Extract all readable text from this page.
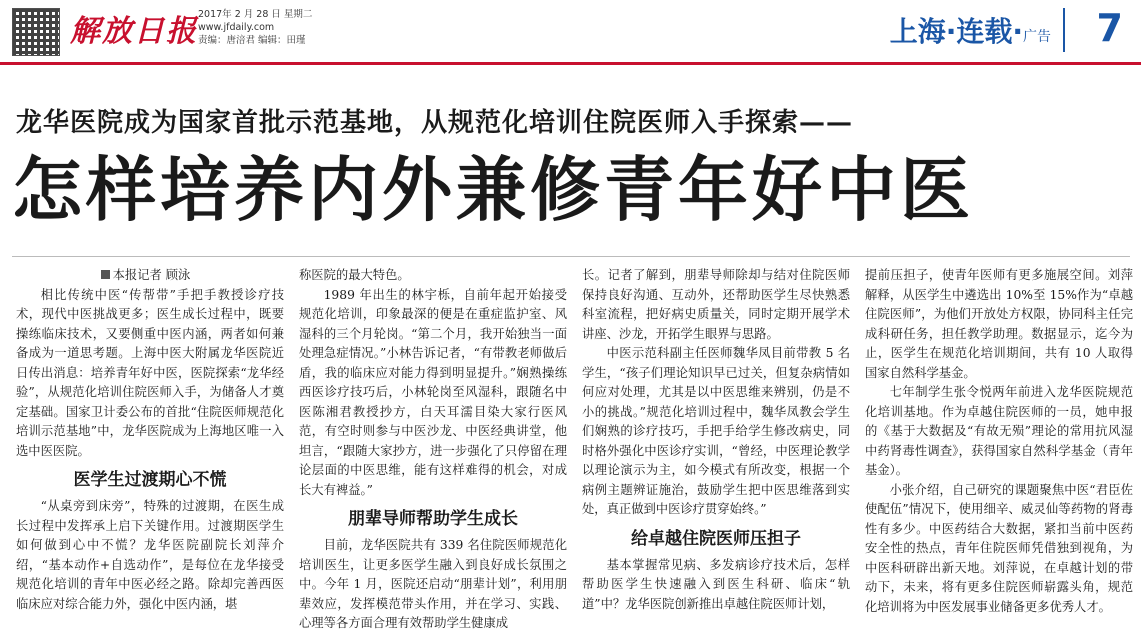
解放日报 2017年 2 月 28 日 星期二
www.jfdaily.com
责编：唐涪君 编辑：田瑾	上海·连载·广告 7
龙华医院成为国家首批示范基地，从规范化培训住院医师入手探索——
怎样培养内外兼修青年好中医

本报记者 顾泳

相比传统中医“传帮带”手把手教授诊疗技术，现代中医挑战更多；医生成长过程中，既要操练临床技术，又要侧重中医内涵，两者如何兼备成为一道思考题。上海中医大附属龙华医院近日传出消息：培养青年好中医，医院探索“龙华经验”，从规范化培训住院医师入手，为储备人才奠定基础。国家卫计委公布的首批“住院医师规范化培训示范基地”中，龙华医院成为上海地区唯一入选中医医院。

医学生过渡期心不慌

“从桌旁到床旁”，特殊的过渡期，在医生成长过程中发挥承上启下关键作用。过渡期医学生如何做到心中不慌？龙华医院副院长刘萍介绍，“基本动作+自选动作”，是每位在龙华接受规范化培训的青年中医必经之路。除却完善西医临床应对综合能力外，强化中医内涵，堪

称医院的最大特色。

1989 年出生的林宇栎，自前年起开始接受规范化培训，印象最深的便是在重症监护室、风湿科的三个月轮岗。“第二个月，我开始独当一面处理急症情况。”小林告诉记者，“有带教老师做后盾，我的临床应对能力得到明显提升。”娴熟操练西医诊疗技巧后，小林轮岗至风湿科，跟随名中医陈湘君教授抄方，白天耳濡目染大家行医风范，有空时则参与中医沙龙、中医经典讲堂，他坦言，“跟随大家抄方，进一步强化了只停留在理论层面的中医思维，能有这样难得的机会，对成长大有裨益。”

朋辈导师帮助学生成长

目前，龙华医院共有 339 名住院医师规范化培训医生，让更多医学生融入到良好成长氛围之中。今年 1 月，医院还启动“朋辈计划”，利用朋辈效应，发挥模范带头作用，并在学习、实践、心理等各方面合理有效帮助学生健康成

长。记者了解到，朋辈导师除却与结对住院医师保持良好沟通、互动外，还帮助医学生尽快熟悉科室流程，把好病史质量关，同时定期开展学术讲座、沙龙，开拓学生眼界与思路。

中医示范科副主任医师魏华凤目前带教 5 名学生，“孩子们理论知识早已过关，但复杂病情如何应对处理，尤其是以中医思维来辨别，仍是不小的挑战。”规范化培训过程中，魏华凤教会学生们娴熟的诊疗技巧，手把手给学生修改病史，同时格外强化中医诊疗实训，“曾经，中医理论教学以理论演示为主，如今模式有所改变，根据一个病例主题辨证施治，鼓励学生把中医思维落到实处，真正做到中医诊疗贯穿始终。”

给卓越住院医师压担子

基本掌握常见病、多发病诊疗技术后，怎样帮助医学生快速融入到医生科研、临床“轨道”中？龙华医院创新推出卓越住院医师计划，

提前压担子，使青年医师有更多施展空间。刘萍解释，从医学生中遴选出 10%至 15%作为“卓越住院医师”，为他们开放处方权限，协同科主任完成科研任务，担任教学助理。数据显示，迄今为止，医学生在规范化培训期间，共有 10 人取得国家自然科学基金。

七年制学生张令悦两年前进入龙华医院规范化培训基地。作为卓越住院医师的一员，她申报的《基于大数据及“有故无殒”理论的常用抗风湿中药肾毒性调查》，获得国家自然科学基金（青年基金）。

小张介绍，自己研究的课题聚焦中医“君臣佐使配伍”情况下，使用细辛、威灵仙等药物的肾毒性有多少。中医药结合大数据，紧扣当前中医药安全性的热点，青年住院医师凭借独到视角，为中医科研辟出新天地。刘萍说，在卓越计划的带动下，未来，将有更多住院医师崭露头角，规范化培训将为中医发展事业储备更多优秀人才。
